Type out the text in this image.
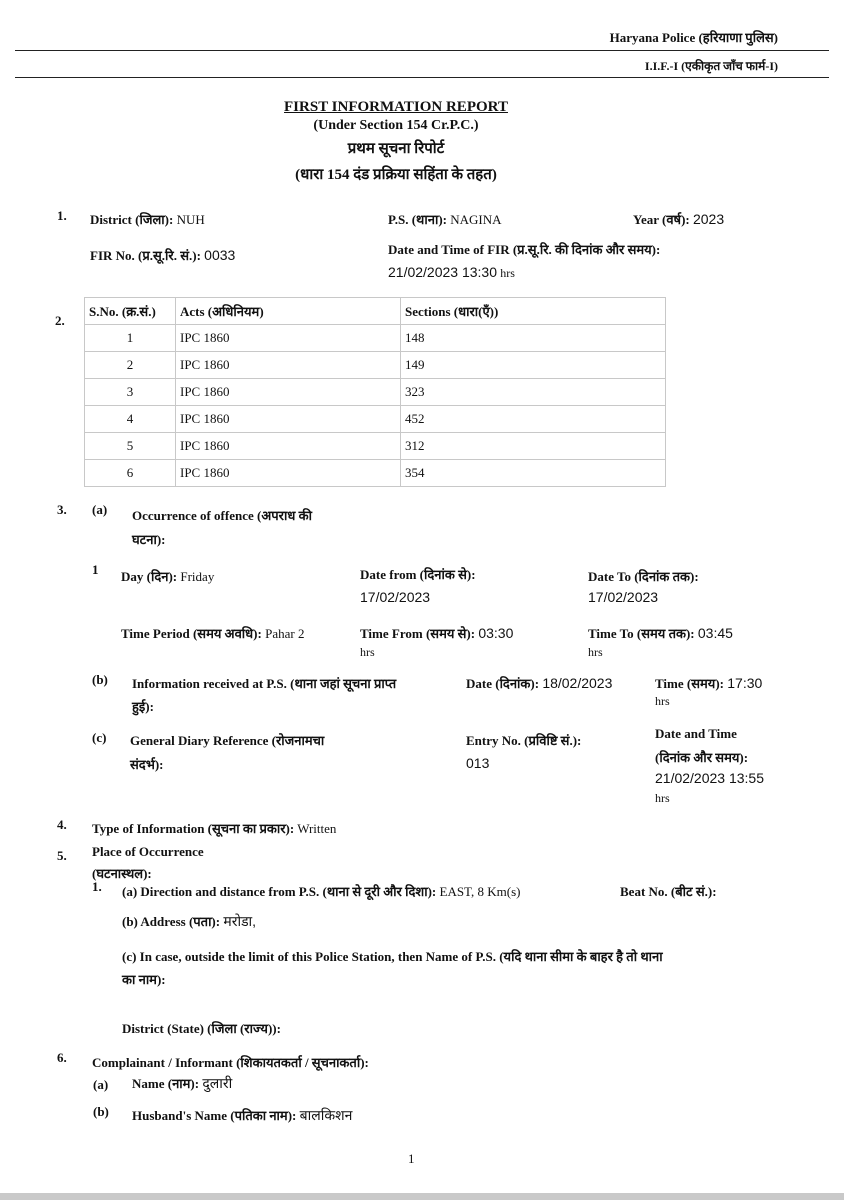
Haryana Police (हरियाणा पुलिस)
I.I.F.-I (एकीकृत जाँच फार्म-I)
FIRST INFORMATION REPORT
(Under Section 154 Cr.P.C.)
प्रथम सूचना रिपोर्ट
(धारा 154 दंड प्रक्रिया सहिंता के तहत)
1. District (जिला): NUH	P.S. (थाना): NAGINA	Year (वर्ष): 2023
FIR No. (प्र.सू.रि. सं.): 0033	Date and Time of FIR (प्र.सू.रि. की दिनांक और समय):
21/02/2023 13:30 hrs
2.
S.No. (क्र.सं.)	Acts (अधिनियम)	Sections (धारा(एँ))
1	IPC 1860	148
2	IPC 1860	149
3	IPC 1860	323
4	IPC 1860	452
5	IPC 1860	312
6	IPC 1860	354
3. (a) Occurrence of offence (अपराध की
घटना):
1 Day (दिन): Friday	Date from (दिनांक से):
17/02/2023
Date To (दिनांक तक):
17/02/2023
Time Period (समय अवधि): Pahar 2	Time From (समय से): 03:30
hrs
Time To (समय तक): 03:45
hrs
(b) Information received at P.S. (थाना जहां सूचना प्राप्त
हुई):
Date (दिनांक): 18/02/2023	Time (समय): 17:30
hrs
(c) General Diary Reference (रोजनामचा
संदर्भ):
Entry No. (प्रविष्टि सं.):
013
Date and Time
(दिनांक और समय):
21/02/2023 13:55
hrs
4. Type of Information (सूचना का प्रकार): Written
5. Place of Occurrence
(घटनास्थल):
1. (a) Direction and distance from P.S. (थाना से दूरी और दिशा): EAST, 8 Km(s)	Beat No. (बीट सं.):
(b) Address (पता): मरोडा,
(c) In case, outside the limit of this Police Station, then Name of P.S. (यदि थाना सीमा के बाहर है तो थाना
का नाम):
District (State) (जिला (राज्य)):
6. Complainant / Informant (शिकायतकर्ता / सूचनाकर्ता):
(a) Name (नाम): दुलारी
(b) Husband's Name (पतिका नाम): बालकिशन
1
